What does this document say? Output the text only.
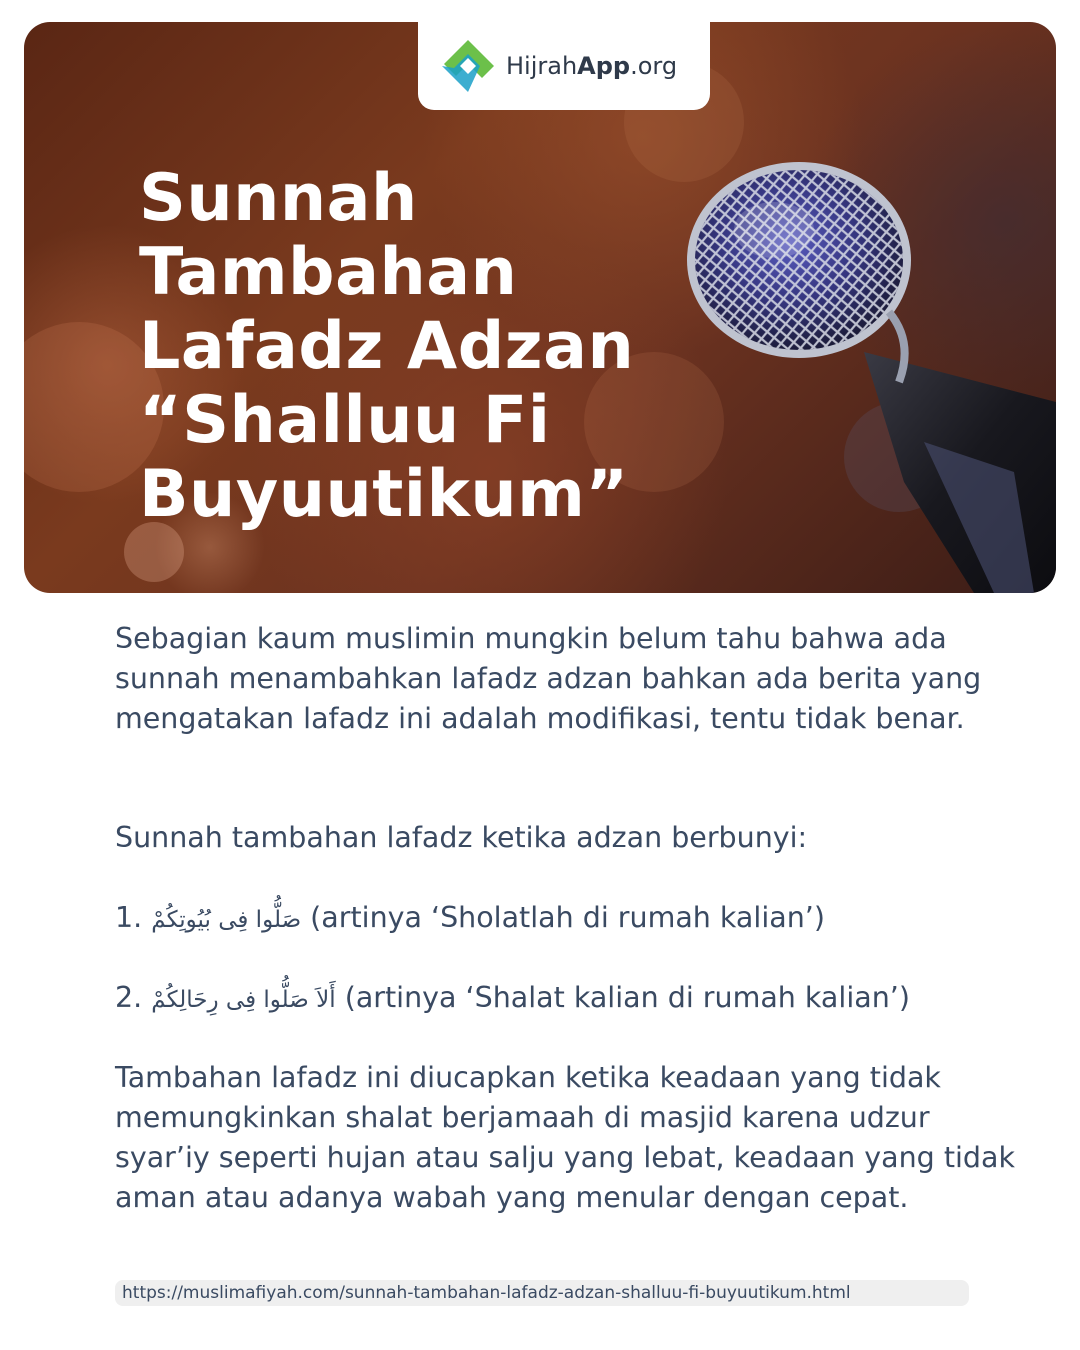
Sunnah
Tambahan
Lafadz Adzan
“Shalluu Fi
Buyuutikum”
HijrahApp.org

Sebagian kaum muslimin mungkin belum tahu bahwa ada sunnah menambahkan lafadz adzan bahkan ada berita yang mengatakan lafadz ini adalah modifikasi, tentu tidak benar.

Sunnah tambahan lafadz ketika adzan berbunyi:

1. صَلُّوا فِى بُيُوتِكُمْ (artinya ‘Sholatlah di rumah kalian’)
2. أَلاَ صَلُّوا فِى رِحَالِكُمْ (artinya ‘Shalat kalian di rumah kalian’)

Tambahan lafadz ini diucapkan ketika keadaan yang tidak memungkinkan shalat berjamaah di masjid karena udzur syar’iy seperti hujan atau salju yang lebat, keadaan yang tidak aman atau adanya wabah yang menular dengan cepat.

https://muslimafiyah.com/sunnah-tambahan-lafadz-adzan-shalluu-fi-buyuutikum.html
